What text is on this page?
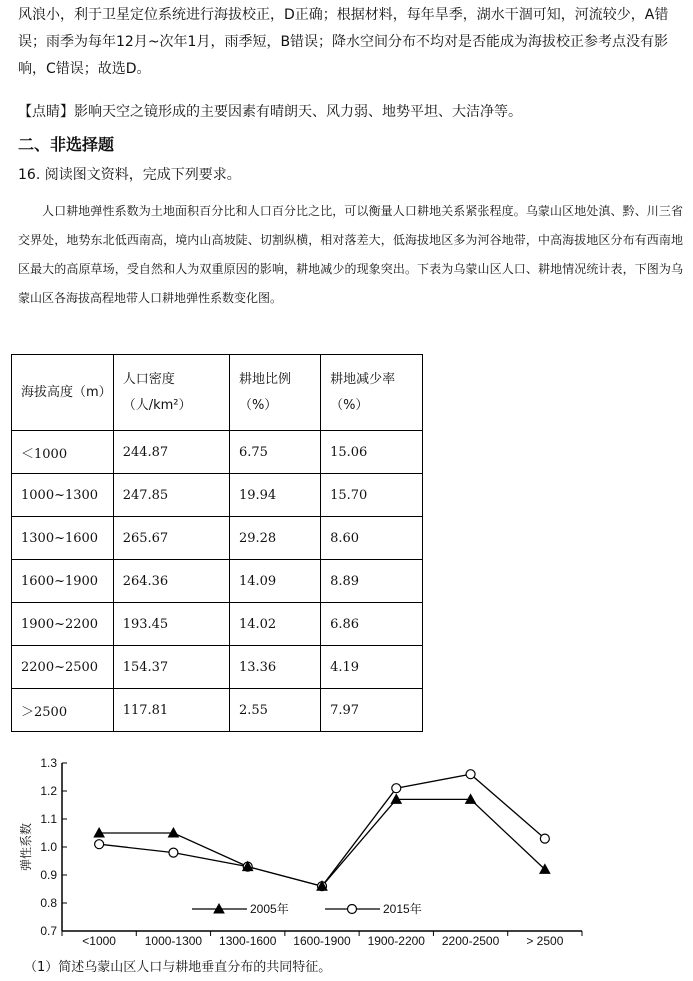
风浪小，利于卫星定位系统进行海拔校正，D正确；根据材料，每年旱季，湖水干涸可知，河流较少，A错误；雨季为每年12月~次年1月，雨季短，B错误；降水空间分布不均对是否能成为海拔校正参考点没有影响，C错误；故选D。
【点睛】影响天空之镜形成的主要因素有晴朗天、风力弱、地势平坦、大洁净等。
二、非选择题
16. 阅读图文资料，完成下列要求。
人口耕地弹性系数为土地面积百分比和人口百分比之比，可以衡量人口耕地关系紧张程度。乌蒙山区地处滇、黔、川三省交界处，地势东北低西南高，境内山高坡陡、切割纵横，相对落差大，低海拔地区多为河谷地带，中高海拔地区分布有西南地区最大的高原草场，受自然和人为双重原因的影响，耕地减少的现象突出。下表为乌蒙山区人口、耕地情况统计表，下图为乌蒙山区各海拔高程地带人口耕地弹性系数变化图。
海拔高度（m）	人口密度（人/km²）	耕地比例（%）	耕地减少率（%）
＜1000	244.87	6.75	15.06
1000~1300	247.85	19.94	15.70
1300~1600	265.67	29.28	8.60
1600~1900	264.36	14.09	8.89
1900~2200	193.45	14.02	6.86
2200~2500	154.37	13.36	4.19
＞2500	117.81	2.55	7.97
0.7
0.8
0.9
1.0
1.1
1.2
1.3
<1000 1000-1300 1300-1600 1600-1900 1900-2200 2200-2500 > 2500
弹性系数
2005年	2015年
（1）简述乌蒙山区人口与耕地垂直分布的共同特征。
